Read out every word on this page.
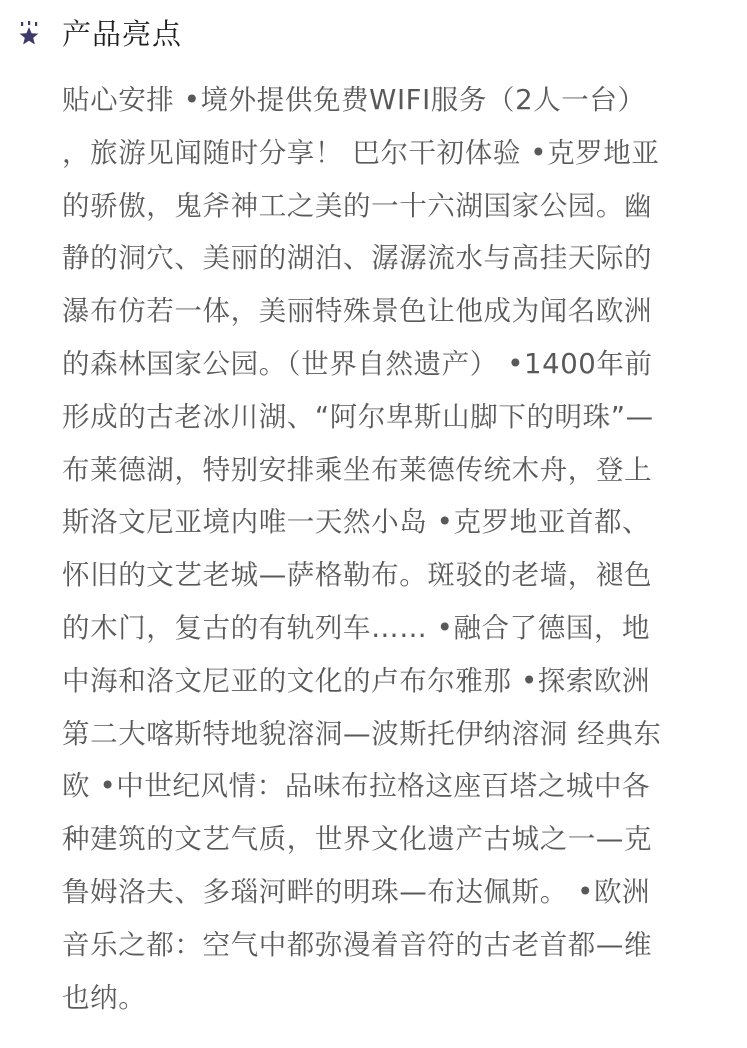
产品亮点
贴心安排 •境外提供免费WIFI服务（2人一台）
，旅游见闻随时分享！ 巴尔干初体验 •克罗地亚
的骄傲，鬼斧神工之美的一十六湖国家公园。幽
静的洞穴、美丽的湖泊、潺潺流水与高挂天际的
瀑布仿若一体，美丽特殊景色让他成为闻名欧洲
的森林国家公园。（世界自然遗产） •1400年前
形成的古老冰川湖、“阿尔卑斯山脚下的明珠”—
布莱德湖，特别安排乘坐布莱德传统木舟，登上
斯洛文尼亚境内唯一天然小岛 •克罗地亚首都、
怀旧的文艺老城—萨格勒布。斑驳的老墙，褪色
的木门，复古的有轨列车…… •融合了德国，地
中海和洛文尼亚的文化的卢布尔雅那 •探索欧洲
第二大喀斯特地貌溶洞—波斯托伊纳溶洞 经典东
欧 •中世纪风情：品味布拉格这座百塔之城中各
种建筑的文艺气质，世界文化遗产古城之一—克
鲁姆洛夫、多瑙河畔的明珠—布达佩斯。 •欧洲
音乐之都：空气中都弥漫着音符的古老首都—维
也纳。
